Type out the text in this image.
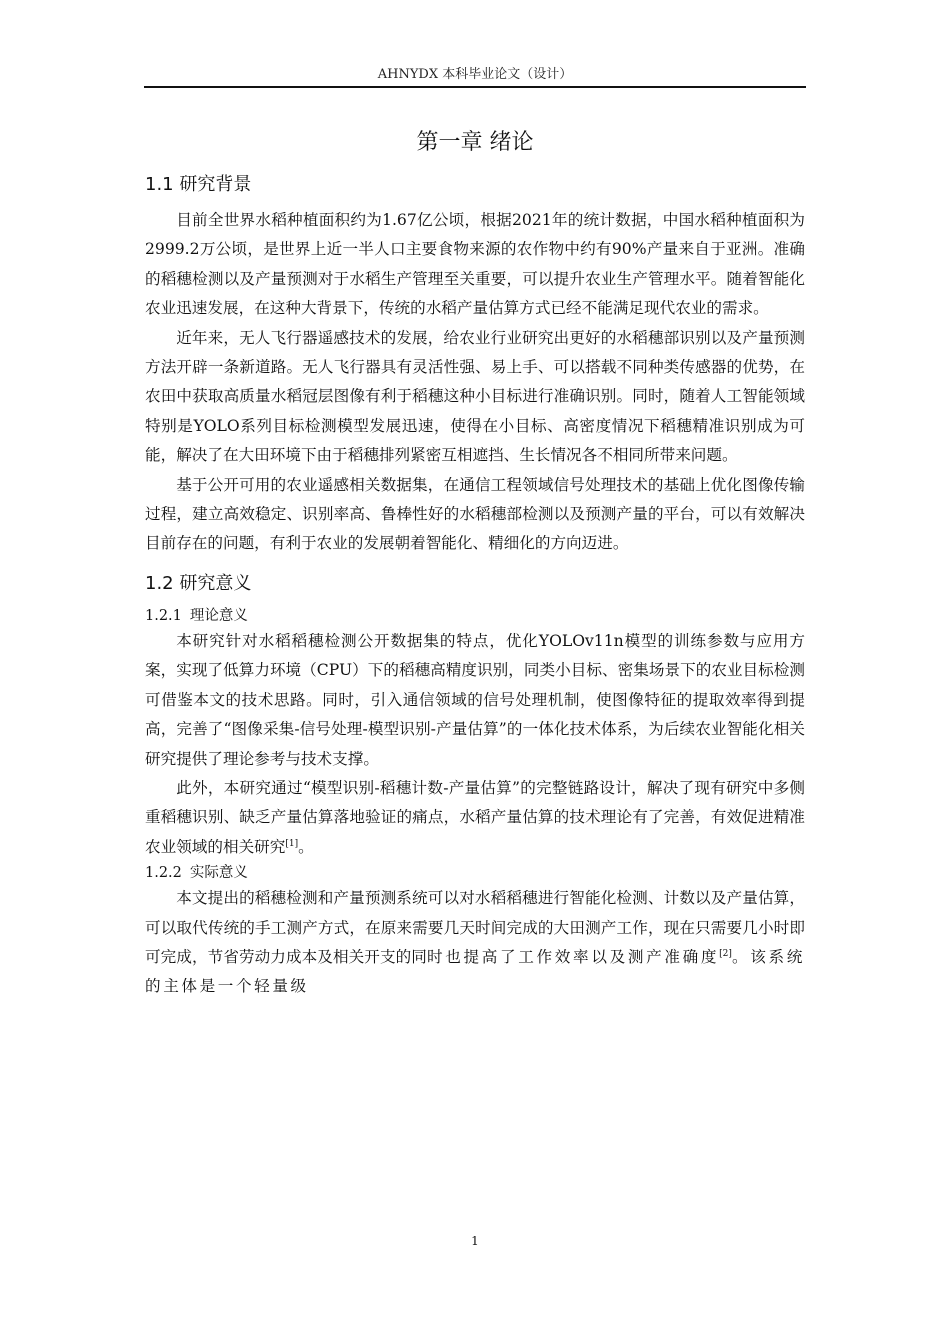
AHNYDX 本科毕业论文（设计）
第一章 绪论
1.1 研究背景

目前全世界水稻种植面积约为1.67亿公顷，根据2021年的统计数据，中国水稻种植面积为2999.2万公顷，是世界上近一半人口主要食物来源的农作物中约有90%产量来自于亚洲。准确的稻穗检测以及产量预测对于水稻生产管理至关重要，可以提升农业生产管理水平。随着智能化农业迅速发展，在这种大背景下，传统的水稻产量估算方式已经不能满足现代农业的需求。

近年来，无人飞行器遥感技术的发展，给农业行业研究出更好的水稻穗部识别以及产量预测方法开辟一条新道路。无人飞行器具有灵活性强、易上手、可以搭载不同种类传感器的优势，在农田中获取高质量水稻冠层图像有利于稻穗这种小目标进行准确识别。同时，随着人工智能领域特别是YOLO系列目标检测模型发展迅速，使得在小目标、高密度情况下稻穗精准识别成为可能，解决了在大田环境下由于稻穗排列紧密互相遮挡、生长情况各不相同所带来问题。

基于公开可用的农业遥感相关数据集，在通信工程领域信号处理技术的基础上优化图像传输过程，建立高效稳定、识别率高、鲁棒性好的水稻穗部检测以及预测产量的平台，可以有效解决目前存在的问题，有利于农业的发展朝着智能化、精细化的方向迈进。

1.2 研究意义
1.2.1 理论意义

本研究针对水稻稻穗检测公开数据集的特点，优化YOLOv11n模型的训练参数与应用方案，实现了低算力环境（CPU）下的稻穗高精度识别，同类小目标、密集场景下的农业目标检测可借鉴本文的技术思路。同时，引入通信领域的信号处理机制，使图像特征的提取效率得到提高，完善了“图像采集-信号处理-模型识别-产量估算”的一体化技术体系，为后续农业智能化相关研究提供了理论参考与技术支撑。

此外，本研究通过“模型识别-稻穗计数-产量估算”的完整链路设计，解决了现有研究中多侧重稻穗识别、缺乏产量估算落地验证的痛点，水稻产量估算的技术理论有了完善，有效促进精准农业领域的相关研究[1]。

1.2.2 实际意义

本文提出的稻穗检测和产量预测系统可以对水稻稻穗进行智能化检测、计数以及产量估算，可以取代传统的手工测产方式，在原来需要几天时间完成的大田测产工作，现在只需要几小时即可完成，节省劳动力成本及相关开支的同时也提高了工作效率以及测产准确度[2]。该系统的主体是一个轻量级

1
